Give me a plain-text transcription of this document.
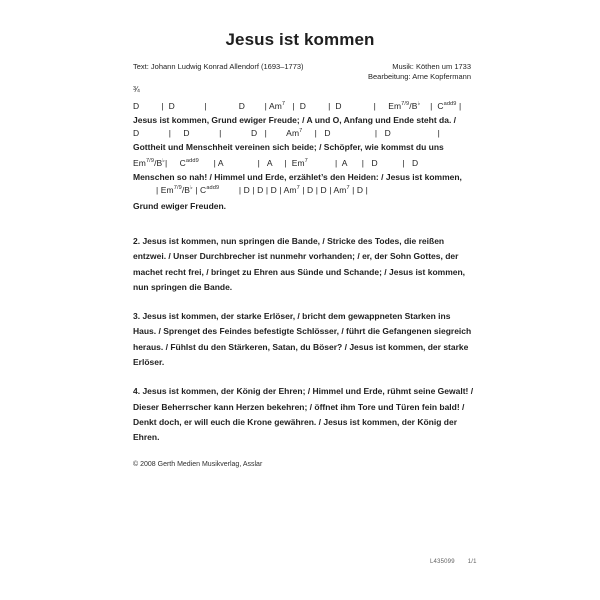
Jesus ist kommen
Text: Johann Ludwig Konrad Allendorf (1693–1773)	Musik: Köthen um 1733
Bearbeitung: Arne Kopfermann
¾
D         |  D            |             D        | Am$^7$   |  D         |  D             |     $Em^{7/9}/B^♭$    |  $C^{add9}$ |
Jesus ist kommen, Grund ewiger Freude; / A und O, Anfang und Ende steht da. /
D            |     D            |            D   |        Am$^7$     |   D                  |   D                   |
Gottheit und Menschheit vereinen sich beide; / Schöpfer, wie kommst du uns
$Em^{7/9}/B^♭|$     $C^{add9}$      | A              |   A     |  Em$^7$           |  A      |   D          |   D
Menschen so nah! / Himmel und Erde, erzählet’s den Heiden: / Jesus ist kommen,
| $Em^{7/9}/B^♭$ | $C^{add9}$        | D | D | D | Am$^7$ | D | D | Am$^7$ | D |
Grund ewiger Freuden.

2. Jesus ist kommen, nun springen die Bande, / Stricke des Todes, die reißen entzwei. / Unser Durchbrecher ist nunmehr vorhanden; / er, der Sohn Gottes, der machet recht frei, / bringet zu Ehren aus Sünde und Schande; / Jesus ist kommen, nun springen die Bande.

3. Jesus ist kommen, der starke Erlöser, / bricht dem gewappneten Starken ins Haus. / Sprenget des Feindes befestigte Schlösser, / führt die Gefangenen siegreich heraus. / Fühlst du den Stärkeren, Satan, du Böser? / Jesus ist kommen, der starke Erlöser.

4. Jesus ist kommen, der König der Ehren; / Himmel und Erde, rühmt seine Gewalt! / Dieser Beherrscher kann Herzen bekehren; / öffnet ihm Tore und Türen fein bald! / Denkt doch, er will euch die Krone gewähren. / Jesus ist kommen, der König der Ehren.

© 2008 Gerth Medien Musikverlag, Asslar
L435099 1/1
